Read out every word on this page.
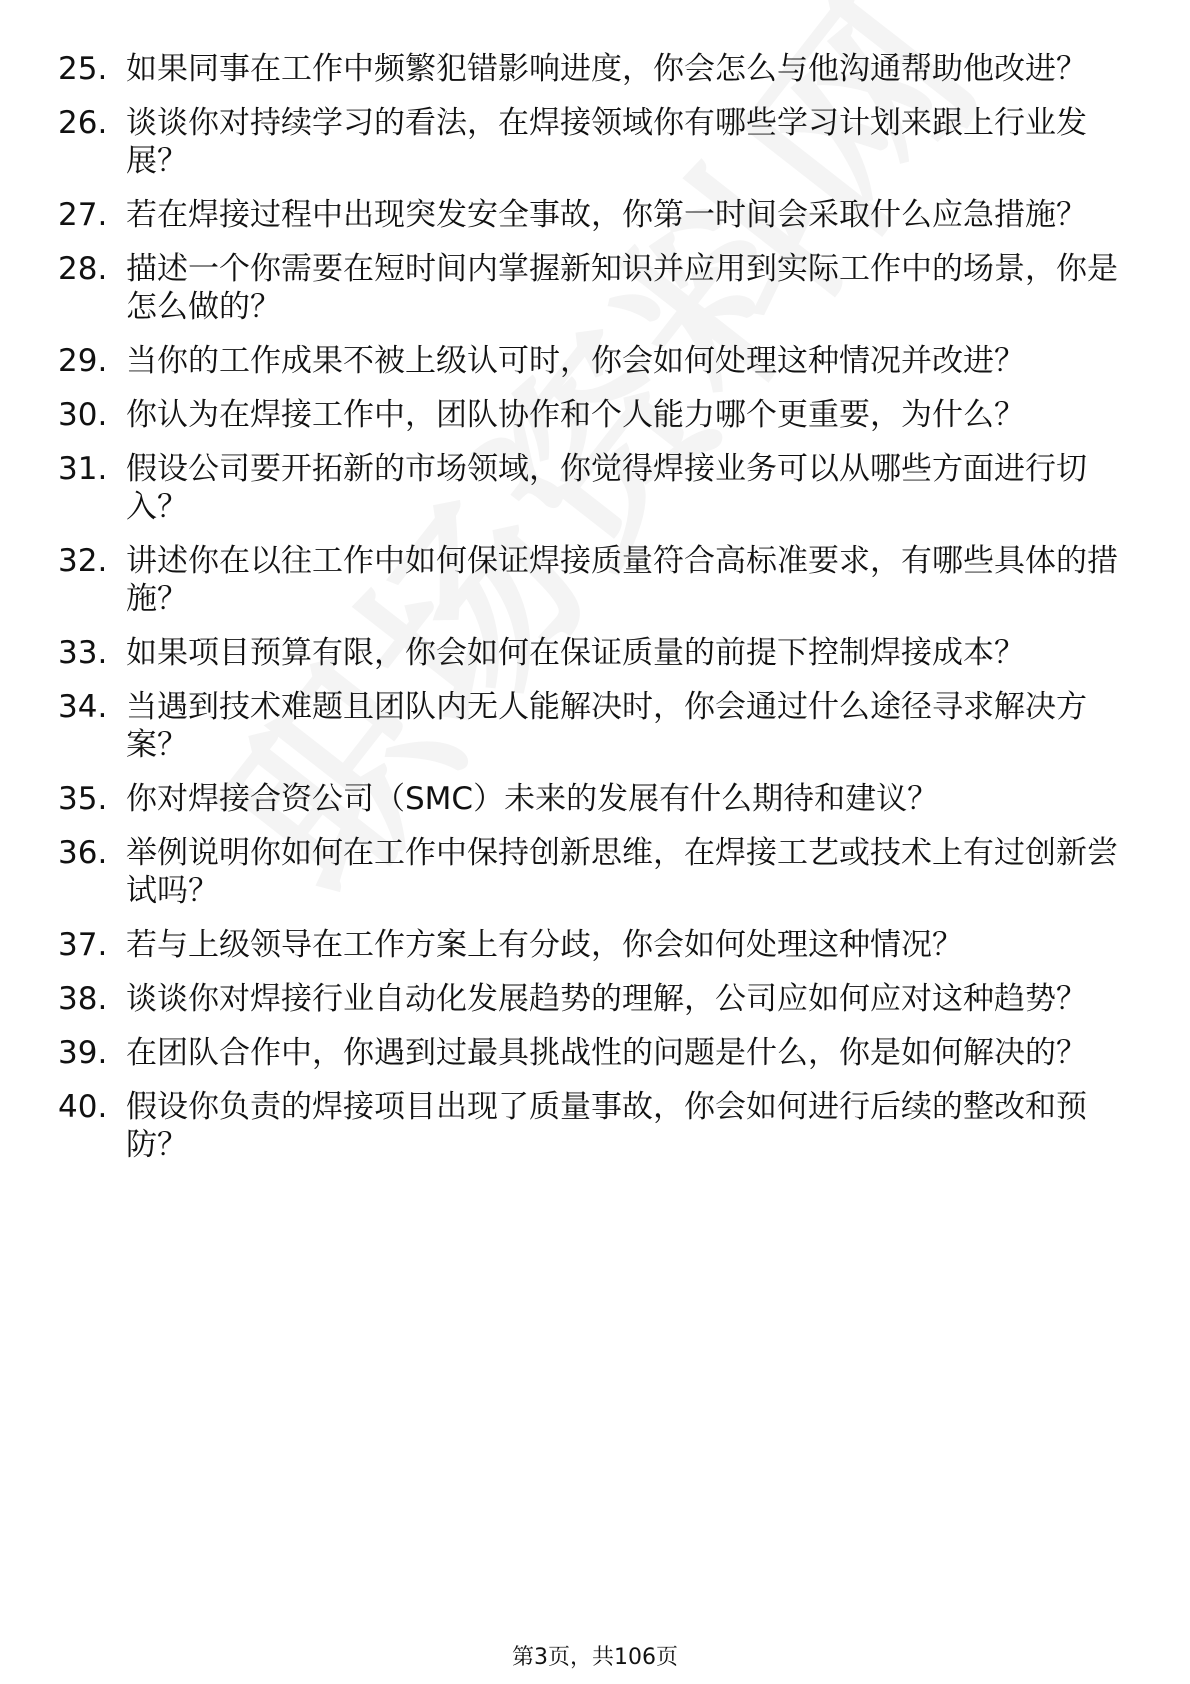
25. 如果同事在工作中频繁犯错影响进度，你会怎么与他沟通帮助他改进？
26. 谈谈你对持续学习的看法，在焊接领域你有哪些学习计划来跟上行业发展？
27. 若在焊接过程中出现突发安全事故，你第一时间会采取什么应急措施？
28. 描述一个你需要在短时间内掌握新知识并应用到实际工作中的场景，你是怎么做的？
29. 当你的工作成果不被上级认可时，你会如何处理这种情况并改进？
30. 你认为在焊接工作中，团队协作和个人能力哪个更重要，为什么？
31. 假设公司要开拓新的市场领域，你觉得焊接业务可以从哪些方面进行切入？
32. 讲述你在以往工作中如何保证焊接质量符合高标准要求，有哪些具体的措施？
33. 如果项目预算有限，你会如何在保证质量的前提下控制焊接成本？
34. 当遇到技术难题且团队内无人能解决时，你会通过什么途径寻求解决方案？
35. 你对焊接合资公司（SMC）未来的发展有什么期待和建议？
36. 举例说明你如何在工作中保持创新思维，在焊接工艺或技术上有过创新尝试吗？
37. 若与上级领导在工作方案上有分歧，你会如何处理这种情况？
38. 谈谈你对焊接行业自动化发展趋势的理解，公司应如何应对这种趋势？
39. 在团队合作中，你遇到过最具挑战性的问题是什么，你是如何解决的？
40. 假设你负责的焊接项目出现了质量事故，你会如何进行后续的整改和预防？
第3页，共106页
